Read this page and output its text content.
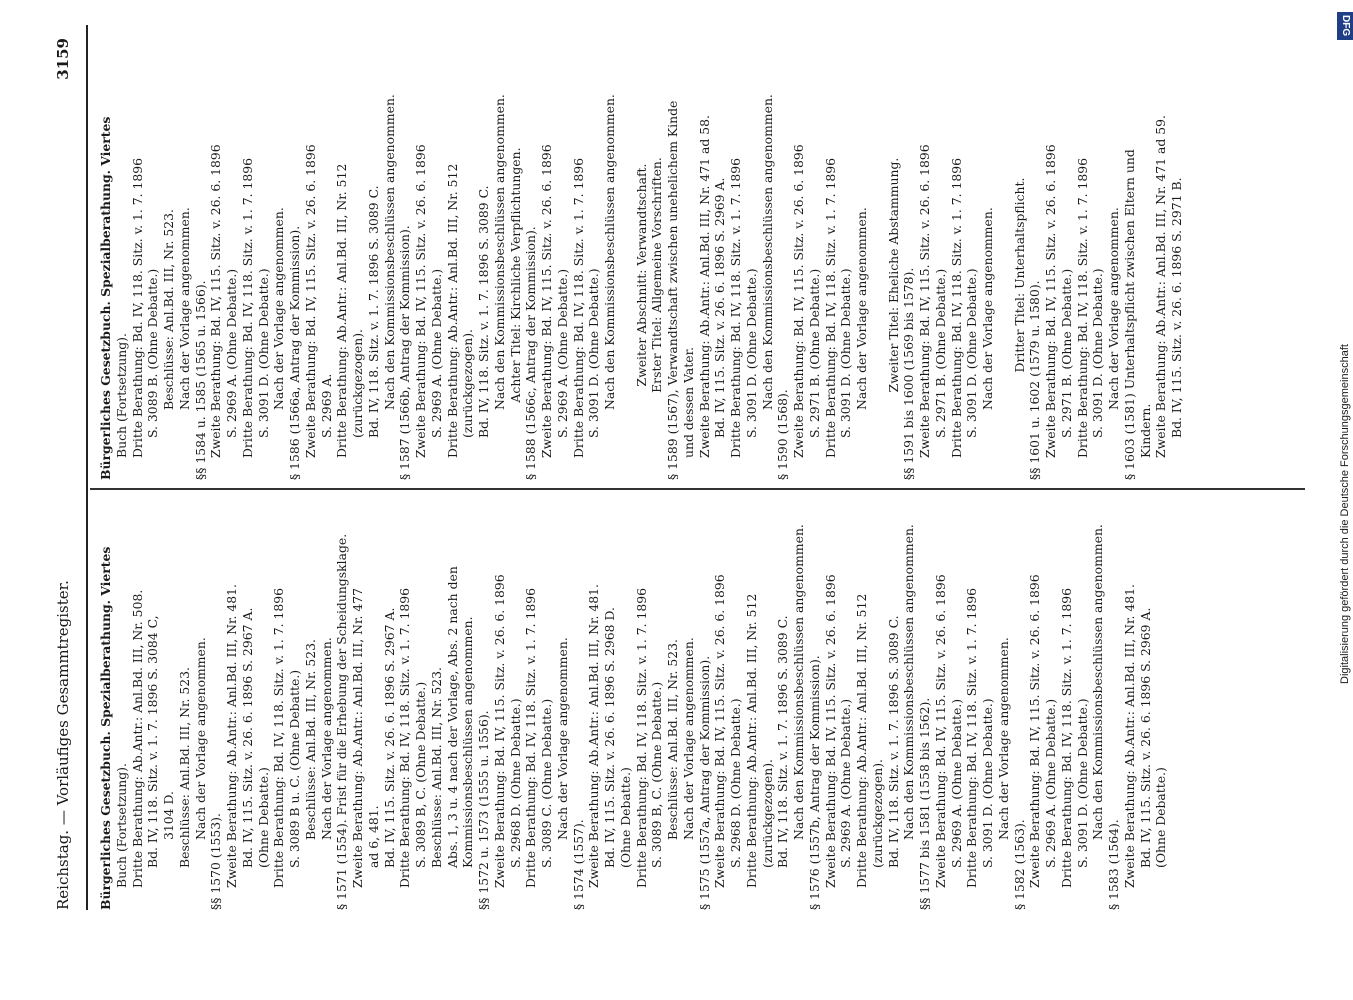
Reichstag. — Vorläufiges Gesammtregister.
3159
Bürgerliches Gesetzbuch. Spezialberathung. Viertes Buch (Fortsetzung). Dritte Berathung: Ab.Antr.: Anl.Bd. III, Nr. 508. Bd. IV, 118. Sitz. v. 1. 7. 1896 S. 3084 C, 3104 D. Beschlüsse: Anl.Bd. III, Nr. 523. Nach der Vorlage angenommen.
§§ 1570 (1553). Zweite Berathung: Ab.Antr.: Anl.Bd. III, Nr. 481. Bd. IV, 115. Sitz. v. 26. 6. 1896 S. 2967 A. (Ohne Debatte.) Dritte Berathung: Bd. IV, 118. Sitz. v. 1. 7. 1896 S. 3089 B u. C. (Ohne Debatte.) Beschlüsse: Anl.Bd. III, Nr. 523. Nach der Vorlage angenommen. § 1571 (1554). Frist für die Erhebung der Scheidungsklage. Zweite Berathung: Ab.Antr.: Anl.Bd. III, Nr. 477 ad 6, 481. Bd. IV, 115. Sitz. v. 26. 6. 1896 S. 2967 A. Dritte Berathung: Bd. IV, 118. Sitz. v. 1. 7. 1896 S. 3089 B, C. (Ohne Debatte.) Beschlüsse: Anl.Bd. III, Nr. 523. Abs. 1, 3 u. 4 nach der Vorlage, Abs. 2 nach den Kommissionsbeschlüssen angenommen. §§ 1572 u. 1573 (1555 u. 1556). Zweite Berathung: Bd. IV, 115. Sitz. v. 26. 6. 1896 S. 2968 D. (Ohne Debatte.) Dritte Berathung: Bd. IV, 118. Sitz. v. 1. 7. 1896 S. 3089 C. (Ohne Debatte.) Nach der Vorlage angenommen.
§ 1574 (1557). Zweite Berathung: Ab.Antr.: Anl.Bd. III, Nr. 481. Bd. IV, 115. Sitz. v. 26. 6. 1896 S. 2968 D. (Ohne Debatte.) Dritte Berathung: Bd. IV, 118. Sitz. v. 1. 7. 1896 S. 3089 B, C. (Ohne Debatte.) Beschlüsse: Anl.Bd. III, Nr. 523. Nach der Vorlage angenommen. § 1575 (1557a, Antrag der Kommission). Zweite Berathung: Bd. IV, 115. Sitz. v. 26. 6. 1896 S. 2968 D. (Ohne Debatte.) Dritte Berathung: Ab.Antr.: Anl.Bd. III, Nr. 512 (zurückgezogen). Bd. IV, 118. Sitz. v. 1. 7. 1896 S. 3089 C. Nach den Kommissionsbeschlüssen angenommen. § 1576 (1557b, Antrag der Kommission). Zweite Berathung: Bd. IV, 115. Sitz. v. 26. 6. 1896 S. 2969 A. (Ohne Debatte.) Dritte Berathung: Ab.Antr.: Anl.Bd. III, Nr. 512 (zurückgezogen). Bd. IV, 118. Sitz. v. 1. 7. 1896 S. 3089 C. Nach den Kommissionsbeschlüssen angenommen. §§ 1577 bis 1581 (1558 bis 1562). Zweite Berathung: Bd. IV, 115. Sitz. v. 26. 6. 1896 S. 2969 A. (Ohne Debatte.) Dritte Berathung: Bd. IV, 118. Sitz. v. 1. 7. 1896 S. 3091 D. (Ohne Debatte.) Nach der Vorlage angenommen.
§ 1582 (1563). Zweite Berathung: Bd. IV, 115. Sitz. v. 26. 6. 1896 S. 2969 A. (Ohne Debatte.) Dritte Berathung: Bd. IV, 118. Sitz. v. 1. 7. 1896 S. 3091 D. (Ohne Debatte.) Nach den Kommissionsbeschlüssen angenommen.
§ 1583 (1564). Zweite Berathung: Ab.Antr.: Anl.Bd. III, Nr. 481. Bd. IV, 115. Sitz. v. 26. 6. 1896 S. 2969 A. (Ohne Debatte.)
Bürgerliches Gesetzbuch. Spezialberathung. Viertes Buch (Fortsetzung). Dritte Berathung: Bd. IV, 118. Sitz. v. 1. 7. 1896 S. 3089 B. (Ohne Debatte.) Beschlüsse: Anl.Bd. III, Nr. 523. Nach der Vorlage angenommen. §§ 1584 u. 1585 (1565 u. 1566). Zweite Berathung: Bd. IV, 115. Sitz. v. 26. 6. 1896 S. 2969 A. (Ohne Debatte.) Dritte Berathung: Bd. IV, 118. Sitz. v. 1. 7. 1896 S. 3091 D. (Ohne Debatte.) Nach der Vorlage angenommen. § 1586 (1566a, Antrag der Kommission). Zweite Berathung: Bd. IV, 115. Sitz. v. 26. 6. 1896 S. 2969 A. Dritte Berathung: Ab.Antr.: Anl.Bd. III, Nr. 512 (zurückgezogen). Bd. IV, 118. Sitz. v. 1. 7. 1896 S. 3089 C. Nach den Kommissionsbeschlüssen angenommen. § 1587 (1566b, Antrag der Kommission). Zweite Berathung: Bd. IV, 115. Sitz. v. 26. 6. 1896 S. 2969 A. (Ohne Debatte.) Dritte Berathung: Ab.Antr.: Anl.Bd. III, Nr. 512 (zurückgezogen). Bd. IV, 118. Sitz. v. 1. 7. 1896 S. 3089 C. Nach den Kommissionsbeschlüssen angenommen. Achter Titel: Kirchliche Verpflichtungen. § 1588 (1566c, Antrag der Kommission). Zweite Berathung: Bd. IV, 115. Sitz. v. 26. 6. 1896 S. 2969 A. (Ohne Debatte.) Dritte Berathung: Bd. IV, 118. Sitz. v. 1. 7. 1896 S. 3091 D. (Ohne Debatte.) Nach den Kommissionsbeschlüssen angenommen.
Zweiter Abschnitt: Verwandtschaft. Erster Titel: Allgemeine Vorschriften. § 1589 (1567), Verwandtschaft zwischen unehelichem Kinde und dessen Vater. Zweite Berathung: Ab.Antr.: Anl.Bd. III, Nr. 471 ad 58. Bd. IV, 115. Sitz. v. 26. 6. 1896 S. 2969 A. Dritte Berathung: Bd. IV, 118. Sitz. v. 1. 7. 1896 S. 3091 D. (Ohne Debatte.) Nach den Kommissionsbeschlüssen angenommen.
§ 1590 (1568). Zweite Berathung: Bd. IV, 115. Sitz. v. 26. 6. 1896 S. 2971 B. (Ohne Debatte.) Dritte Berathung: Bd. IV, 118. Sitz. v. 1. 7. 1896 S. 3091 D. (Ohne Debatte.) Nach der Vorlage angenommen.
Zweiter Titel: Eheliche Abstammung. §§ 1591 bis 1600 (1569 bis 1578). Zweite Berathung: Bd. IV, 115. Sitz. v. 26. 6. 1896 S. 2971 B. (Ohne Debatte.) Dritte Berathung: Bd. IV, 118. Sitz. v. 1. 7. 1896 S. 3091 D. (Ohne Debatte.) Nach der Vorlage angenommen.
Dritter Titel: Unterhaltspflicht.
§§ 1601 u. 1602 (1579 u. 1580). Zweite Berathung: Bd. IV, 115. Sitz. v. 26. 6. 1896 S. 2971 B. (Ohne Debatte.) Dritte Berathung: Bd. IV, 118. Sitz. v. 1. 7. 1896 S. 3091 D. (Ohne Debatte.) Nach der Vorlage angenommen. § 1603 (1581) Unterhaltspflicht zwischen Eltern und Kindern. Zweite Berathung: Ab.Antr.: Anl.Bd. III, Nr. 471 ad 59. Bd. IV, 115. Sitz. v. 26. 6. 1896 S. 2971 B.
DFG
Digitalisierung gefördert durch die Deutsche Forschungsgemeinschaft
